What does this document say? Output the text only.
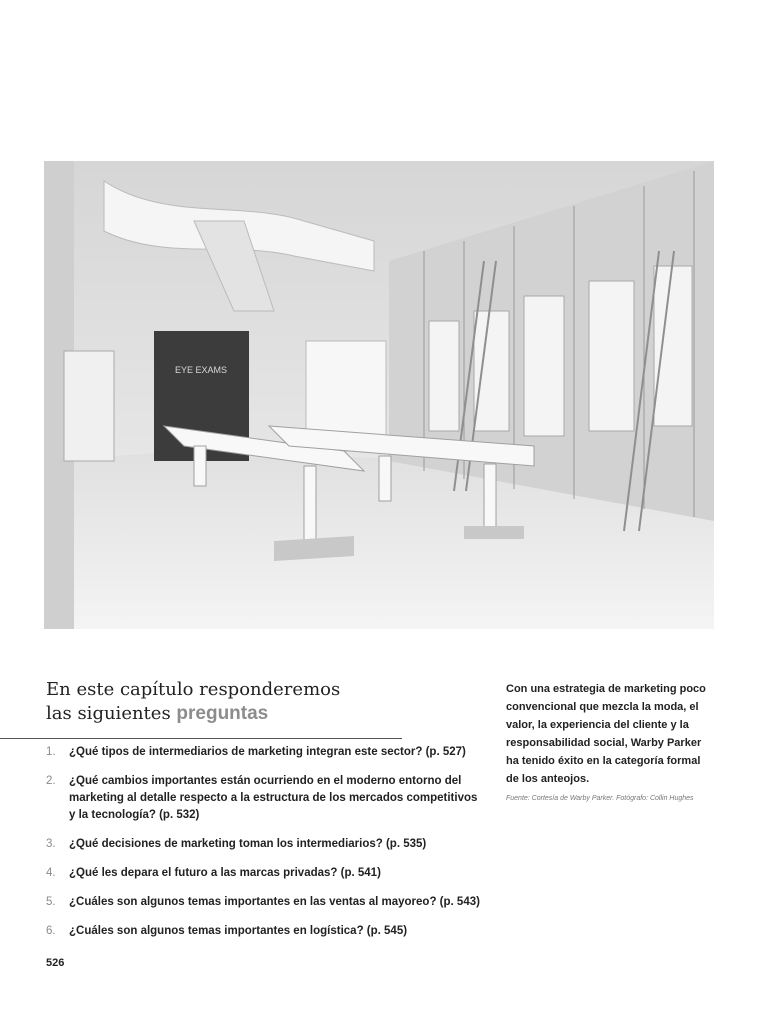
EYE EXAMS
En este capítulo responderemos
las siguientes preguntas
1. ¿Qué tipos de intermediarios de marketing integran este sector? (p. 527)
2. ¿Qué cambios importantes están ocurriendo en el moderno entorno del marketing al detalle respecto a la estructura de los mercados competitivos y la tecnología? (p. 532)
3. ¿Qué decisiones de marketing toman los intermediarios? (p. 535)
4. ¿Qué les depara el futuro a las marcas privadas? (p. 541)
5. ¿Cuáles son algunos temas importantes en las ventas al mayoreo? (p. 543)
6. ¿Cuáles son algunos temas importantes en logística? (p. 545)
Con una estrategia de marketing poco convencional que mezcla la moda, el valor, la experiencia del cliente y la responsabilidad social, Warby Parker ha tenido éxito en la categoría formal de los anteojos.
Fuente: Cortesía de Warby Parker. Fotógrafo: Collin Hughes
526
